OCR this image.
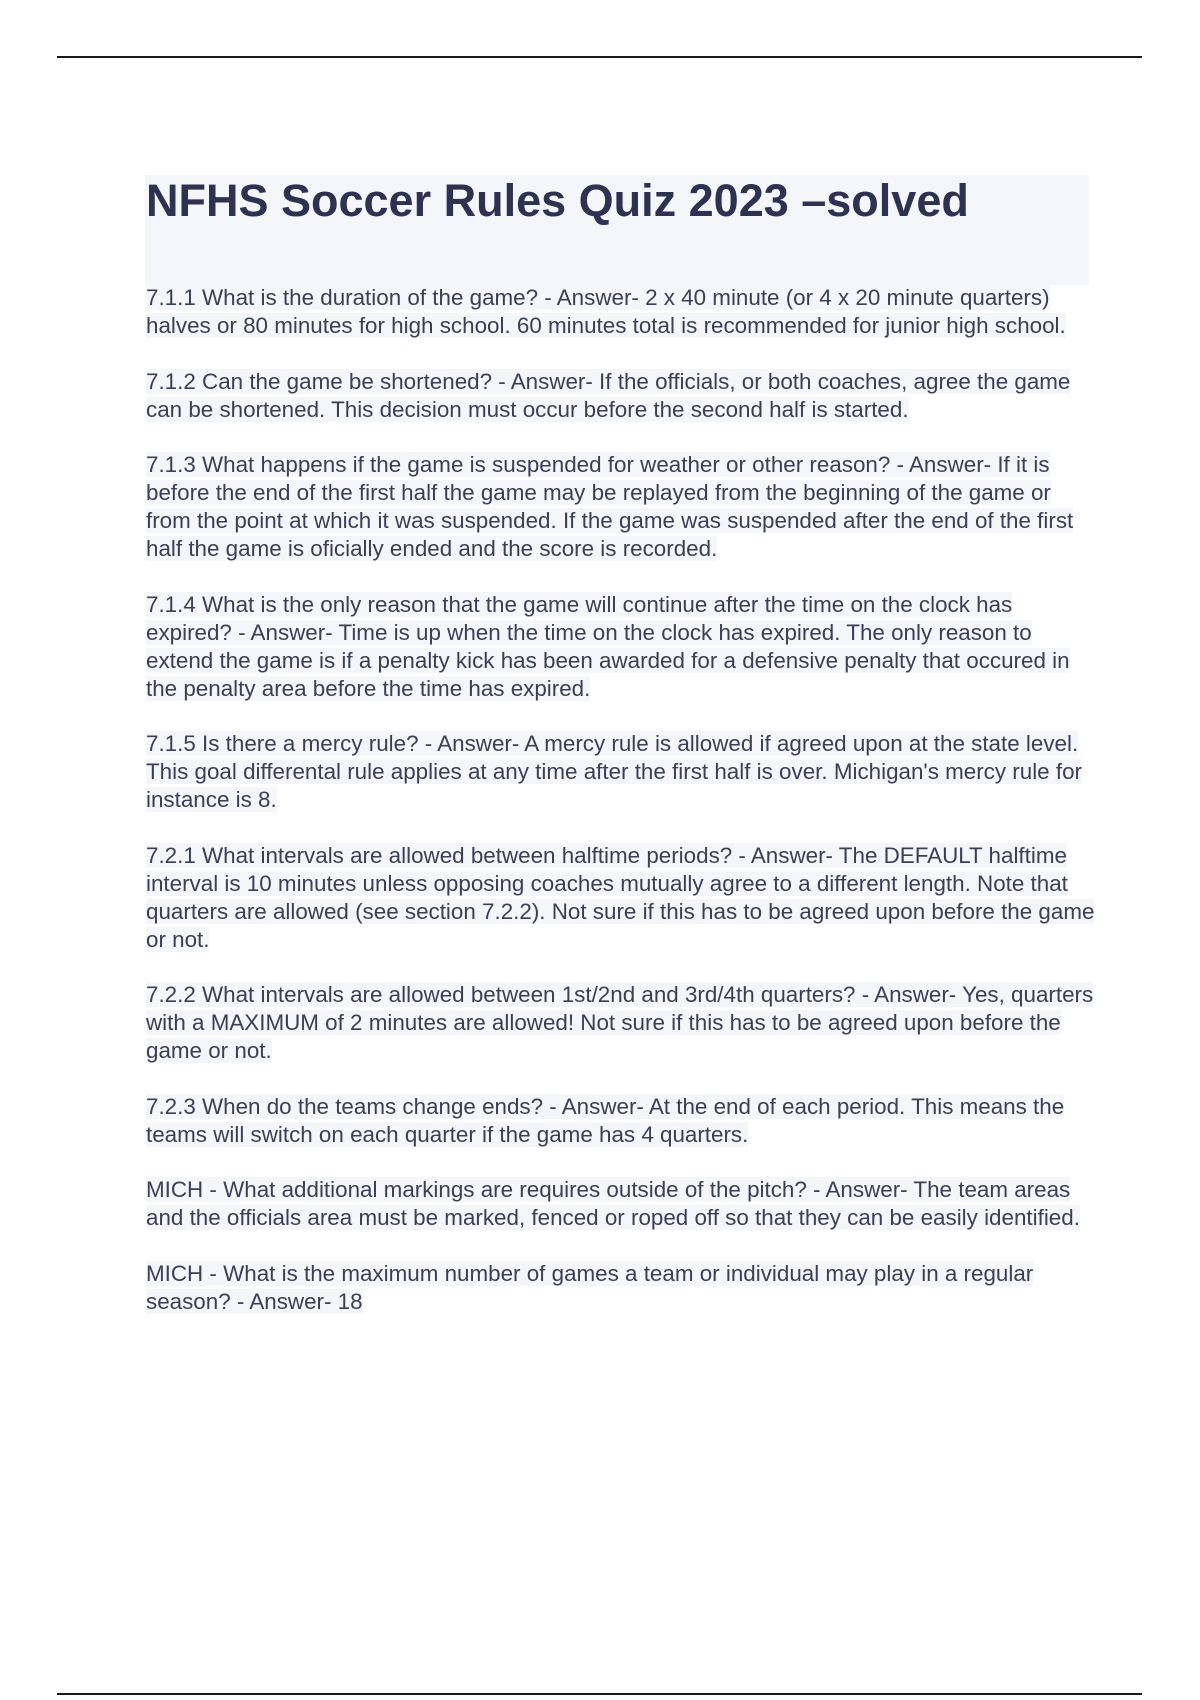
NFHS Soccer Rules Quiz 2023 –solved
7.1.1 What is the duration of the game? - Answer- 2 x 40 minute (or 4 x 20 minute quarters) halves or 80 minutes for high school. 60 minutes total is recommended for junior high school.
7.1.2 Can the game be shortened? - Answer- If the officials, or both coaches, agree the game can be shortened. This decision must occur before the second half is started.
7.1.3 What happens if the game is suspended for weather or other reason? - Answer- If it is before the end of the first half the game may be replayed from the beginning of the game or from the point at which it was suspended. If the game was suspended after the end of the first half the game is oficially ended and the score is recorded.
7.1.4 What is the only reason that the game will continue after the time on the clock has expired? - Answer- Time is up when the time on the clock has expired. The only reason to extend the game is if a penalty kick has been awarded for a defensive penalty that occured in the penalty area before the time has expired.
7.1.5 Is there a mercy rule? - Answer- A mercy rule is allowed if agreed upon at the state level. This goal differental rule applies at any time after the first half is over. Michigan's mercy rule for instance is 8.
7.2.1 What intervals are allowed between halftime periods? - Answer- The DEFAULT halftime interval is 10 minutes unless opposing coaches mutually agree to a different length. Note that quarters are allowed (see section 7.2.2). Not sure if this has to be agreed upon before the game or not.
7.2.2 What intervals are allowed between 1st/2nd and 3rd/4th quarters? - Answer- Yes, quarters with a MAXIMUM of 2 minutes are allowed! Not sure if this has to be agreed upon before the game or not.
7.2.3 When do the teams change ends? - Answer- At the end of each period. This means the teams will switch on each quarter if the game has 4 quarters.
MICH - What additional markings are requires outside of the pitch? - Answer- The team areas and the officials area must be marked, fenced or roped off so that they can be easily identified.
MICH - What is the maximum number of games a team or individual may play in a regular season? - Answer- 18
